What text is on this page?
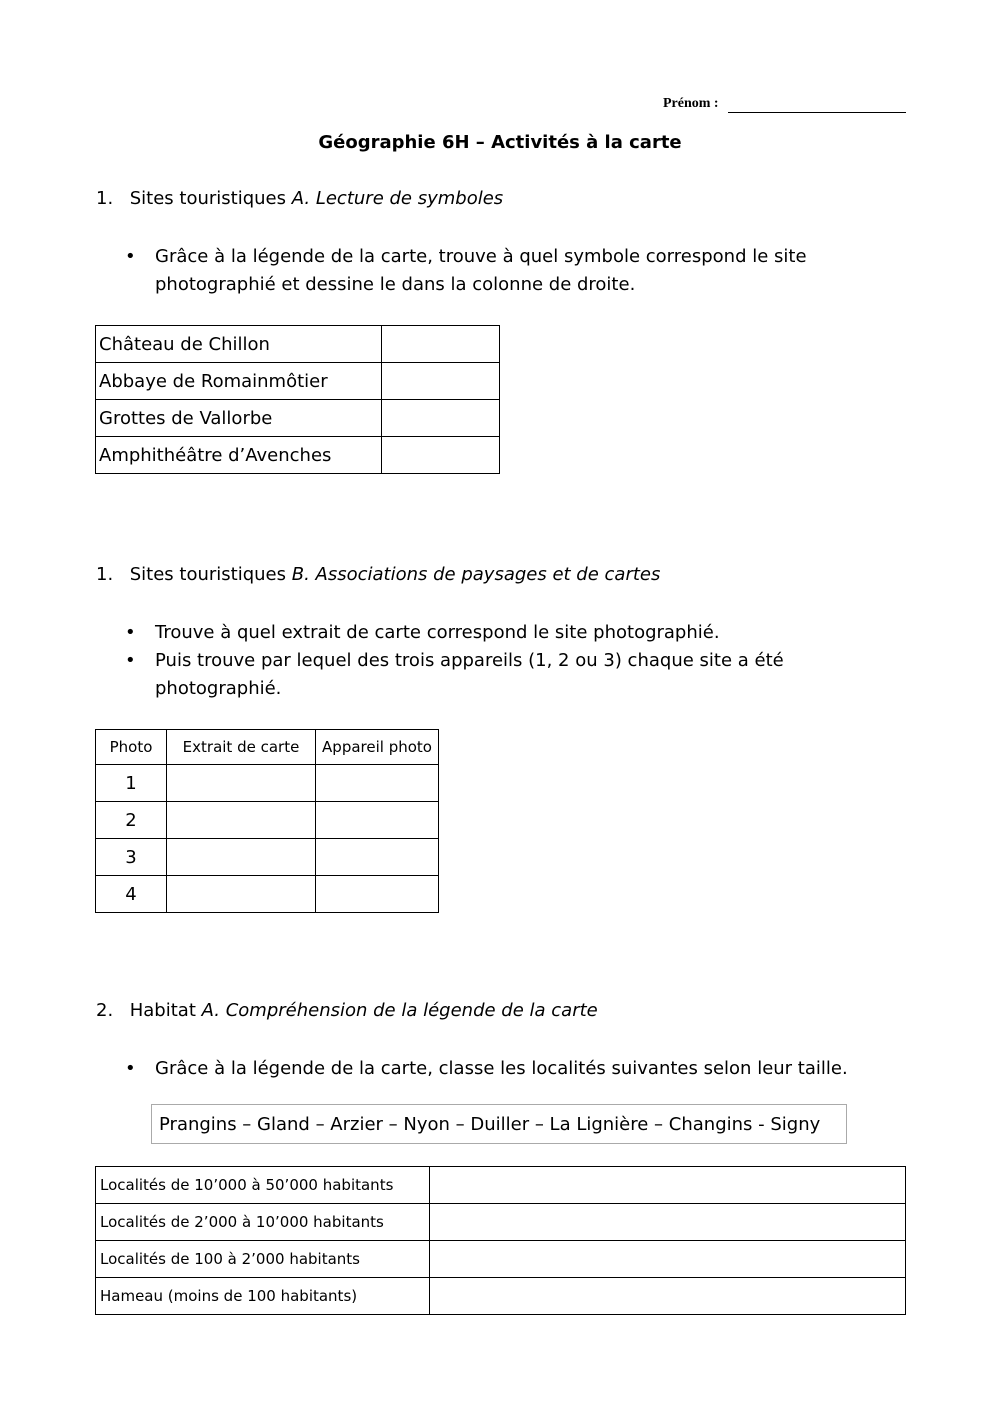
Prénom :
Géographie 6H – Activités à la carte
1. Sites touristiques A. Lecture de symboles
• Grâce à la légende de la carte, trouve à quel symbole correspond le site photographié et dessine le dans la colonne de droite.
Château de Chillon	
Abbaye de Romainmôtier	
Grottes de Vallorbe	
Amphithéâtre d’Avenches	
1. Sites touristiques B. Associations de paysages et de cartes
• Trouve à quel extrait de carte correspond le site photographié.
• Puis trouve par lequel des trois appareils (1, 2 ou 3) chaque site a été photographié.
Photo	Extrait de carte	Appareil photo
1		
2		
3		
4		
2. Habitat A. Compréhension de la légende de la carte
• Grâce à la légende de la carte, classe les localités suivantes selon leur taille.
Prangins – Gland – Arzier – Nyon – Duiller – La Lignière – Changins - Signy
Localités de 10’000 à 50’000 habitants	
Localités de 2’000 à 10’000 habitants	
Localités de 100 à 2’000 habitants	
Hameau (moins de 100 habitants)	
